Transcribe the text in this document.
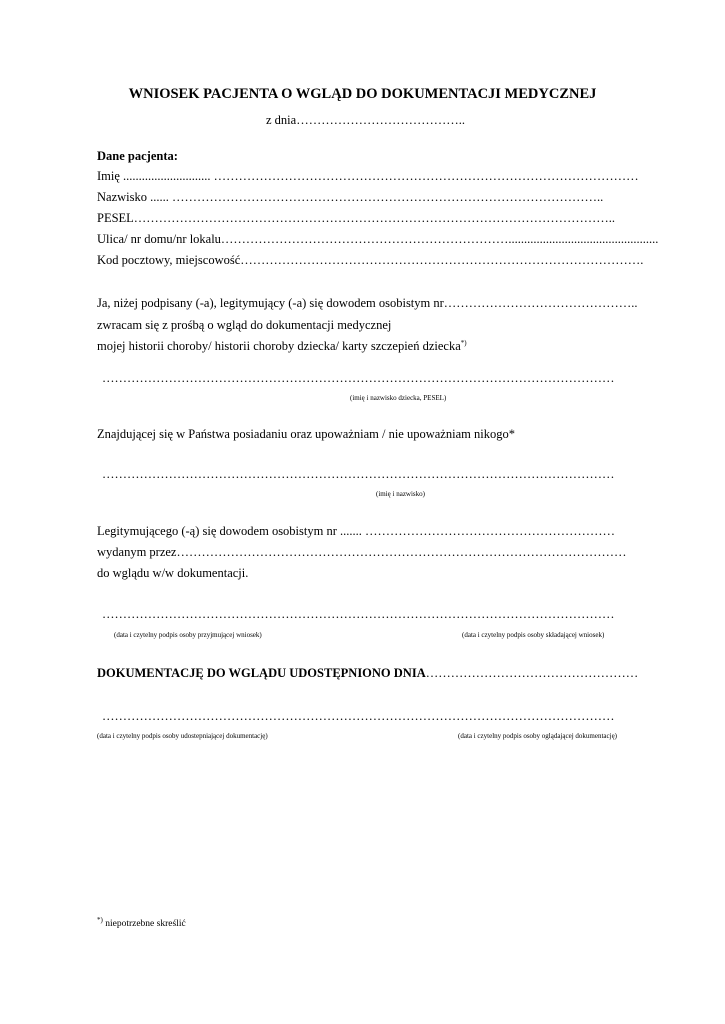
WNIOSEK PACJENTA O WGLĄD DO DOKUMENTACJI MEDYCZNEJ
z dnia…………………………………..
Dane pacjenta:
Imię ............................ …………………………………………………………………………………………
Nazwisko ...... …………………………………………………………………………………………..
PESEL……………………………………………………………………………………………………..
Ulica/ nr domu/nr lokalu……………………………………………………………................................................
Kod pocztowy, miejscowość…………………………………………………………………………………….
Ja, niżej podpisany (-a), legitymujący (-a) się dowodem osobistym nr………………………………………..
zwracam się z prośbą o wgląd do dokumentacji medycznej
mojej historii choroby/ historii choroby dziecka/ karty szczepień dziecka*)
……………………………………………………………………………………………………………
(imię i nazwisko dziecka, PESEL)
Znajdującej się w Państwa posiadaniu oraz upoważniam / nie upoważniam nikogo*
……………………………………………………………………………………………………………
(imię i nazwisko)
Legitymującego (-ą) się dowodem osobistym nr ....... ……………………………………………………
wydanym przez………………………………………………………………………………………………
do wglądu w/w dokumentacji.
……………………………………………………………………………………………………………
(data i czytelny podpis osoby przyjmującej wniosek)	(data i czytelny podpis osoby składającej wniosek)
DOKUMENTACJĘ DO WGLĄDU UDOSTĘPNIONO DNIA……………………………………………
……………………………………………………………………………………………………………
(data i czytelny podpis osoby udostepniającej dokumentację)	(data i czytelny podpis osoby oglądającej dokumentację)
*) niepotrzebne skreślić
